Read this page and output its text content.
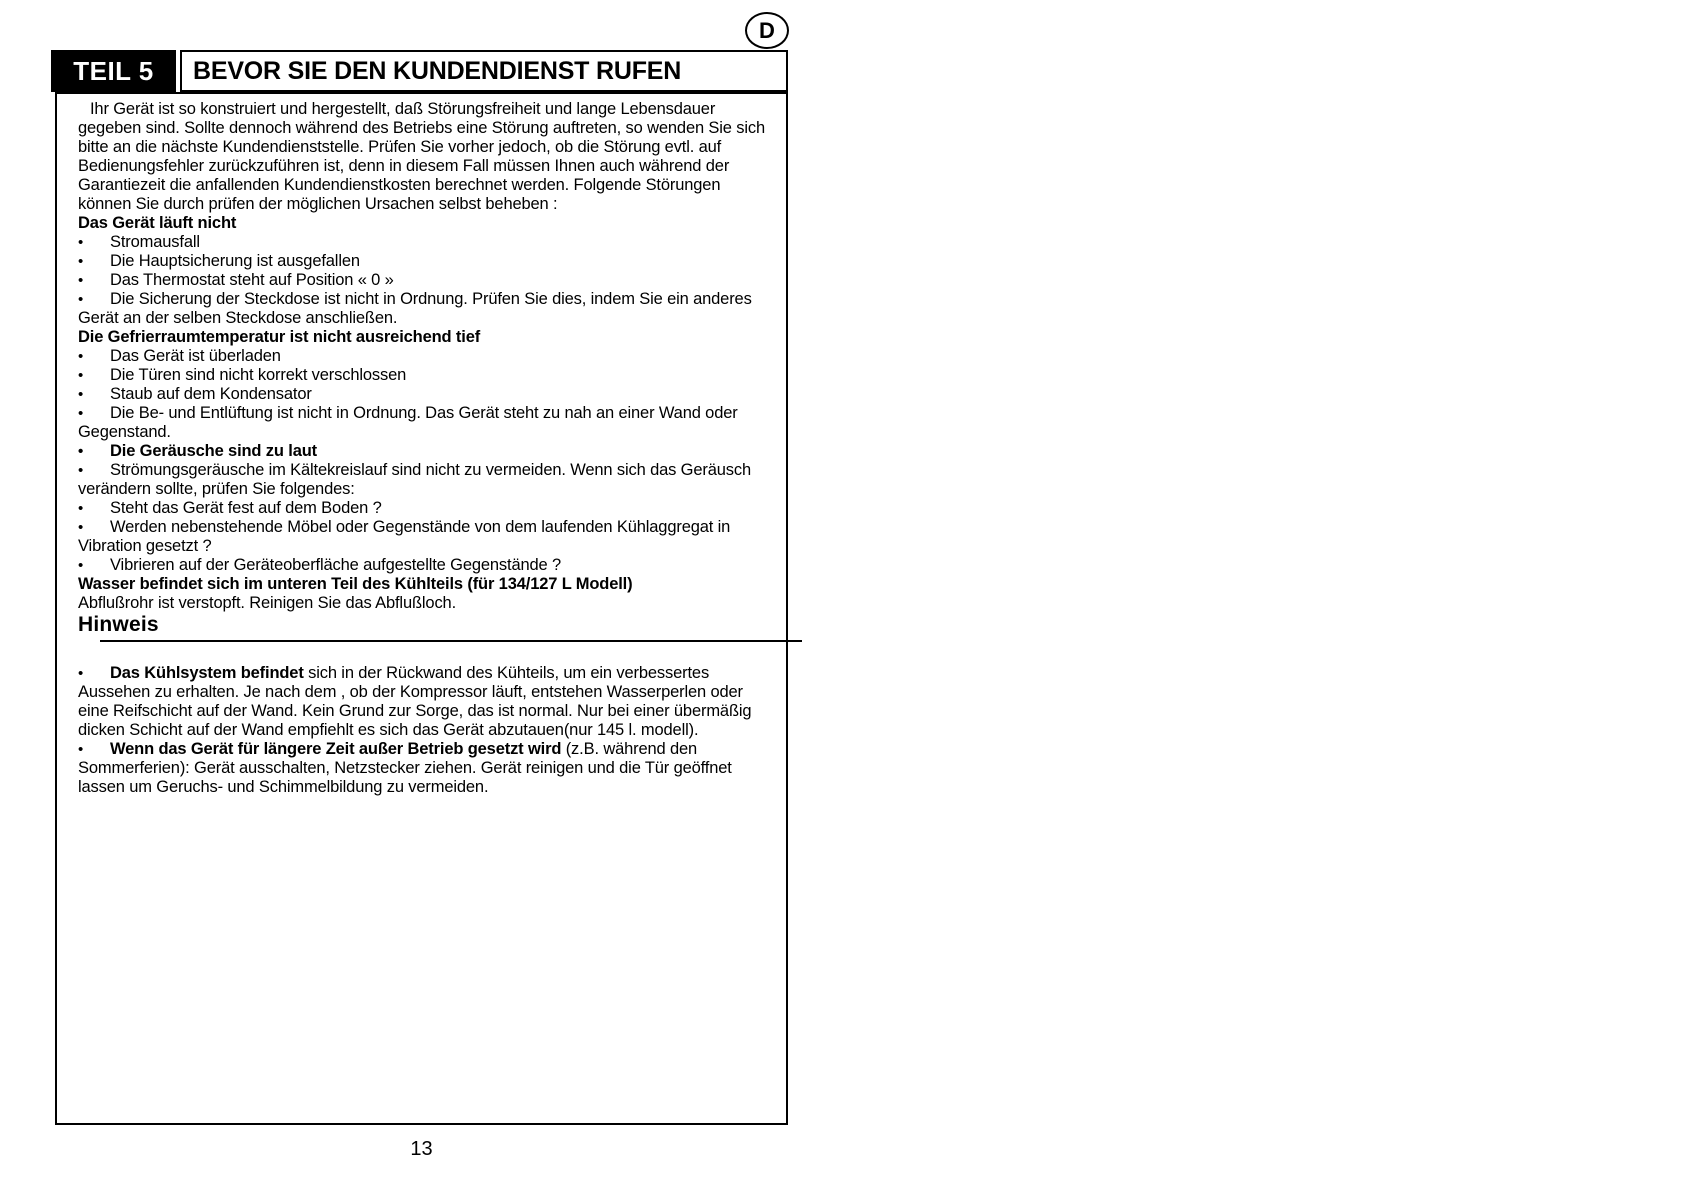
D
TEIL 5 BEVOR SIE DEN KUNDENDIENST RUFEN

Ihr Gerät ist so konstruiert und hergestellt, daß Störungsfreiheit und lange Lebensdauer gegeben sind. Sollte dennoch während des Betriebs eine Störung auftreten, so wenden Sie sich bitte an die nächste Kundendienststelle. Prüfen Sie vorher jedoch, ob die Störung evtl. auf Bedienungsfehler zurückzuführen ist, denn in diesem Fall müssen Ihnen auch während der Garantiezeit die anfallenden Kundendienstkosten berechnet werden. Folgende Störungen können Sie durch prüfen der möglichen Ursachen selbst beheben :

Das Gerät läuft nicht

• Stromausfall

• Die Hauptsicherung ist ausgefallen

• Das Thermostat steht auf Position « 0 »

• Die Sicherung der Steckdose ist nicht in Ordnung. Prüfen Sie dies, indem Sie ein anderes Gerät an der selben Steckdose anschließen.

Die Gefrierraumtemperatur ist nicht ausreichend tief

• Das Gerät ist überladen

• Die Türen sind nicht korrekt verschlossen

• Staub auf dem Kondensator

• Die Be- und Entlüftung ist nicht in Ordnung. Das Gerät steht zu nah an einer Wand oder Gegenstand.

• Die Geräusche sind zu laut

• Strömungsgeräusche im Kältekreislauf sind nicht zu vermeiden. Wenn sich das Geräusch verändern sollte, prüfen Sie folgendes:

• Steht das Gerät fest auf dem Boden ?

• Werden nebenstehende Möbel oder Gegenstände von dem laufenden Kühlaggregat in Vibration gesetzt ?

• Vibrieren auf der Geräteoberfläche aufgestellte Gegenstände ?

Wasser befindet sich im unteren Teil des Kühlteils (für 134/127 L Modell)

Abflußrohr ist verstopft. Reinigen Sie das Abflußloch.

Hinweis

• Das Kühlsystem befindet sich in der Rückwand des Kühteils, um ein verbessertes Aussehen zu erhalten. Je nach dem , ob der Kompressor läuft, entstehen Wasserperlen oder eine Reifschicht auf der Wand. Kein Grund zur Sorge, das ist normal. Nur bei einer übermäßig dicken Schicht auf der Wand empfiehlt es sich das Gerät abzutauen(nur 145 l. modell).

• Wenn das Gerät für längere Zeit außer Betrieb gesetzt wird (z.B. während den Sommerferien): Gerät ausschalten, Netzstecker ziehen. Gerät reinigen und die Tür geöffnet lassen um Geruchs- und Schimmelbildung zu vermeiden.

13
